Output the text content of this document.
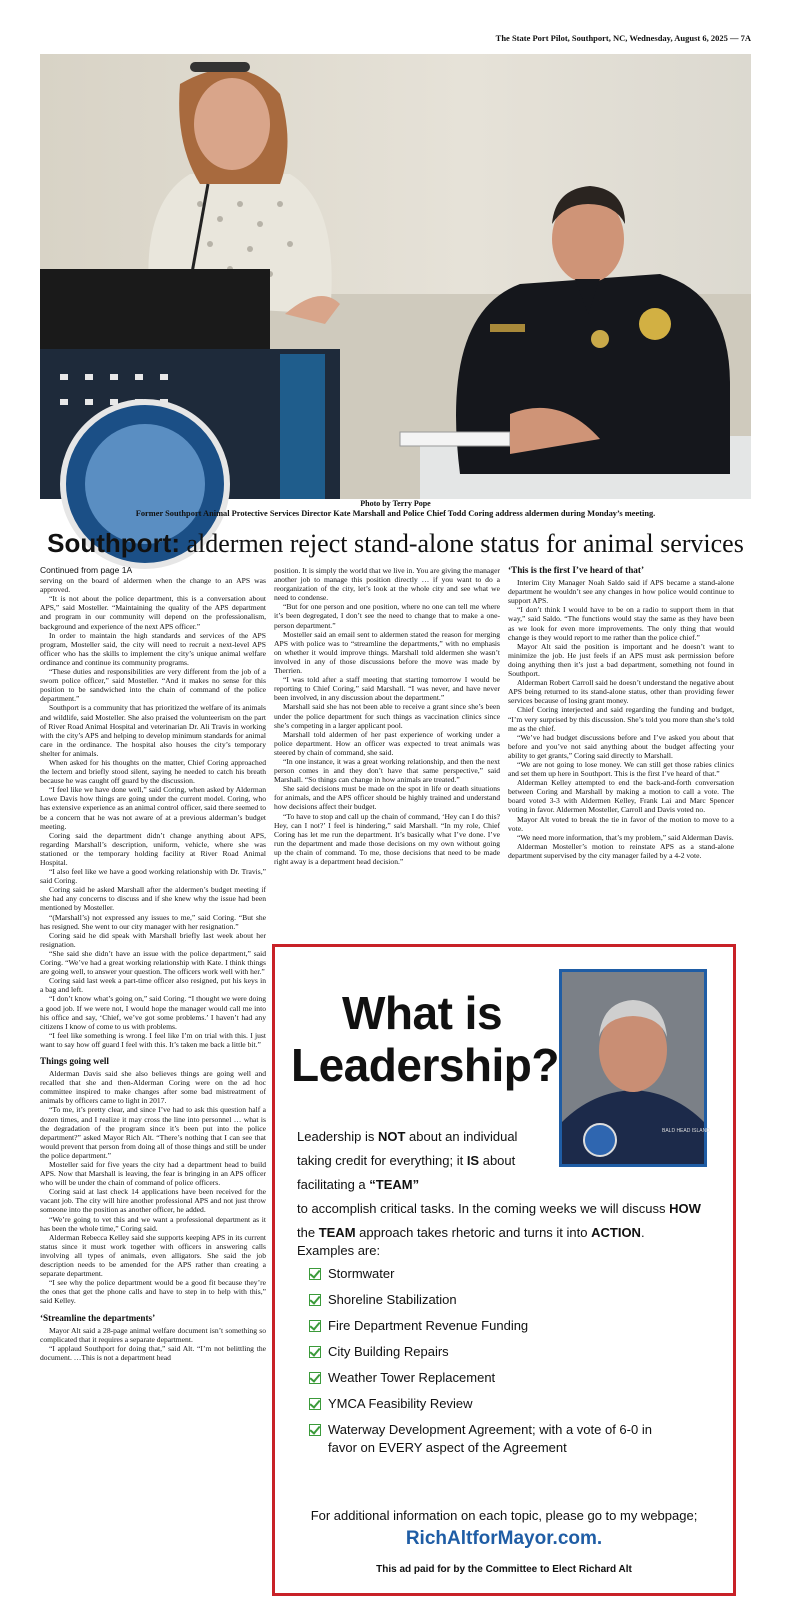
The State Port Pilot, Southport, NC, Wednesday, August 6, 2025 — 7A
Photo by Terry Pope
Former Southport Animal Protective Services Director Kate Marshall and Police Chief Todd Coring address aldermen during Monday’s meeting.
Southport: aldermen reject stand-alone status for animal services

Continued from page 1A

serving on the board of aldermen when the change to an APS was approved.

“It is not about the police department, this is a conversation about APS,” said Mosteller. “Maintaining the quality of the APS department and program in our community will depend on the professionalism, background and experience of the next APS officer.”

In order to maintain the high standards and services of the APS program, Mosteller said, the city will need to recruit a next-level APS officer who has the skills to implement the city’s unique animal welfare ordinance and continue its community programs.

“These duties and responsibilities are very different from the job of a sworn police officer,” said Mosteller. “And it makes no sense for this position to be sandwiched into the chain of command of the police department.”

Southport is a community that has prioritized the welfare of its animals and wildlife, said Mosteller. She also praised the volunteerism on the part of River Road Animal Hospital and veterinarian Dr. Ali Travis in working with the city’s APS and helping to develop minimum standards for animal care in the ordinance. The hospital also houses the city’s temporary shelter for animals.

When asked for his thoughts on the matter, Chief Coring approached the lectern and briefly stood silent, saying he needed to catch his breath because he was caught off guard by the discussion.

“I feel like we have done well,” said Coring, when asked by Alderman Lowe Davis how things are going under the current model. Coring, who has extensive experience as an animal control officer, said there seemed to be a concern that he was not aware of at a previous alderman’s budget meeting.

Coring said the department didn’t change anything about APS, regarding Marshall’s description, uniform, vehicle, where she was stationed or the temporary holding facility at River Road Animal Hospital.

“I also feel like we have a good working relationship with Dr. Travis,” said Coring.

Coring said he asked Marshall after the aldermen’s budget meeting if she had any concerns to discuss and if she knew why the issue had been mentioned by Mosteller.

“(Marshall’s) not expressed any issues to me,” said Coring. “But she has resigned. She went to our city manager with her resignation.”

Coring said he did speak with Marshall briefly last week about her resignation.

“She said she didn’t have an issue with the police department,” said Coring. “We’ve had a great working relationship with Kate. I think things are going well, to answer your question. The officers work well with her.”

Coring said last week a part-time officer also resigned, put his keys in a bag and left.

“I don’t know what’s going on,” said Coring. “I thought we were doing a good job. If we were not, I would hope the manager would call me into his office and say, ‘Chief, we’ve got some problems.’ I haven’t had any citizens I know of come to us with problems.

“I feel like something is wrong. I feel like I’m on trial with this. I just want to say how off guard I feel with this. It’s taken me back a little bit.”

Things going well

Alderman Davis said she also believes things are going well and recalled that she and then-Alderman Coring were on the ad hoc committee inspired to make changes after some bad mistreatment of animals by officers came to light in 2017.

“To me, it’s pretty clear, and since I’ve had to ask this question half a dozen times, and I realize it may cross the line into personnel … what is the degradation of the program since it’s been put into the police department?” asked Mayor Rich Alt. “There’s nothing that I can see that would prevent that person from doing all of those things and still be under the police department.”

Mosteller said for five years the city had a department head to build APS. Now that Marshall is leaving, the fear is bringing in an APS officer who will be under the chain of command of police officers.

Coring said at last check 14 applications have been received for the vacant job. The city will hire another professional APS and not just throw someone into the position as another officer, he added.

“We’re going to vet this and we want a professional department as it has been the whole time,” Coring said.

Alderman Rebecca Kelley said she supports keeping APS in its current status since it must work together with officers in answering calls involving all types of animals, even alligators. She said the job description needs to be amended for the APS rather than creating a separate department.

“I see why the police department would be a good fit because they’re the ones that get the phone calls and have to step in to help with this,” said Kelley.

‘Streamline the departments’

Mayor Alt said a 28-page animal welfare document isn’t something so complicated that it requires a separate department.

“I applaud Southport for doing that,” said Alt. “I’m not belittling the document. …This is not a department head

position. It is simply the world that we live in. You are giving the manager another job to manage this position directly … if you want to do a reorganization of the city, let’s look at the whole city and see what we need to condense.

“But for one person and one position, where no one can tell me where it’s been degregated, I don’t see the need to change that to make a one-person department.”

Mosteller said an email sent to aldermen stated the reason for merging APS with police was to “streamline the departments,” with no emphasis on whether it would improve things. Marshall told aldermen she wasn’t involved in any of those discussions before the move was made by Therrien.

“I was told after a staff meeting that starting tomorrow I would be reporting to Chief Coring,” said Marshall. “I was never, and have never been involved, in any discussion about the department.”

Marshall said she has not been able to receive a grant since she’s been under the police department for such things as vaccination clinics since she’s competing in a larger applicant pool.

Marshall told aldermen of her past experience of working under a police department. How an officer was expected to treat animals was steered by chain of command, she said.

“In one instance, it was a great working relationship, and then the next person comes in and they don’t have that same perspective,” said Marshall. “So things can change in how animals are treated.”

She said decisions must be made on the spot in life or death situations for animals, and the APS officer should be highly trained and understand how decisions affect their budget.

“To have to stop and call up the chain of command, ‘Hey can I do this? Hey, can I not?’ I feel is hindering,” said Marshall. “In my role, Chief Coring has let me run the department. It’s basically what I’ve done. I’ve run the department and made those decisions on my own without going up the chain of command. To me, those decisions that need to be made right away is a department head decision.”

‘This is the first I’ve heard of that’

Interim City Manager Noah Saldo said if APS became a stand-alone department he wouldn’t see any changes in how police would continue to support APS.

“I don’t think I would have to be on a radio to support them in that way,” said Saldo. “The functions would stay the same as they have been as we look for even more improvements. The only thing that would change is they would report to me rather than the police chief.”

Mayor Alt said the position is important and he doesn’t want to minimize the job. He just feels if an APS must ask permission before doing anything then it’s just a bad department, something not found in Southport.

Alderman Robert Carroll said he doesn’t understand the negative about APS being returned to its stand-alone status, other than providing fewer services because of losing grant money.

Chief Coring interjected and said regarding the funding and budget, “I’m very surprised by this discussion. She’s told you more than she’s told me as the chief.

“We’ve had budget discussions before and I’ve asked you about that before and you’ve not said anything about the budget affecting your ability to get grants,” Coring said directly to Marshall.

“We are not going to lose money. We can still get those rabies clinics and set them up here in Southport. This is the first I’ve heard of that.”

Alderman Kelley attempted to end the back-and-forth conversation between Coring and Marshall by making a motion to call a vote. The board voted 3-3 with Aldermen Kelley, Frank Lai and Marc Spencer voting in favor. Aldermen Mosteller, Carroll and Davis voted no.

Mayor Alt voted to break the tie in favor of the motion to move to a vote.

“We need more information, that’s my problem,” said Alderman Davis.

Alderman Mosteller’s motion to reinstate APS as a stand-alone department supervised by the city manager failed by a 4-2 vote.

What is
Leadership?
BALD HEAD ISLAND
Leadership is NOT about an individual taking credit for everything; it IS about facilitating a “TEAM”
to accomplish critical tasks. In the coming weeks we will discuss HOW the TEAM approach takes rhetoric and turns it into ACTION.
Examples are:
Stormwater
Shoreline Stabilization
Fire Department Revenue Funding
City Building Repairs
Weather Tower Replacement
YMCA Feasibility Review
Waterway Development Agreement; with a vote of 6-0 in favor on EVERY aspect of the Agreement
For additional information on each topic, please go to my webpage;
RichAltforMayor.com.
This ad paid for by the Committee to Elect Richard Alt
